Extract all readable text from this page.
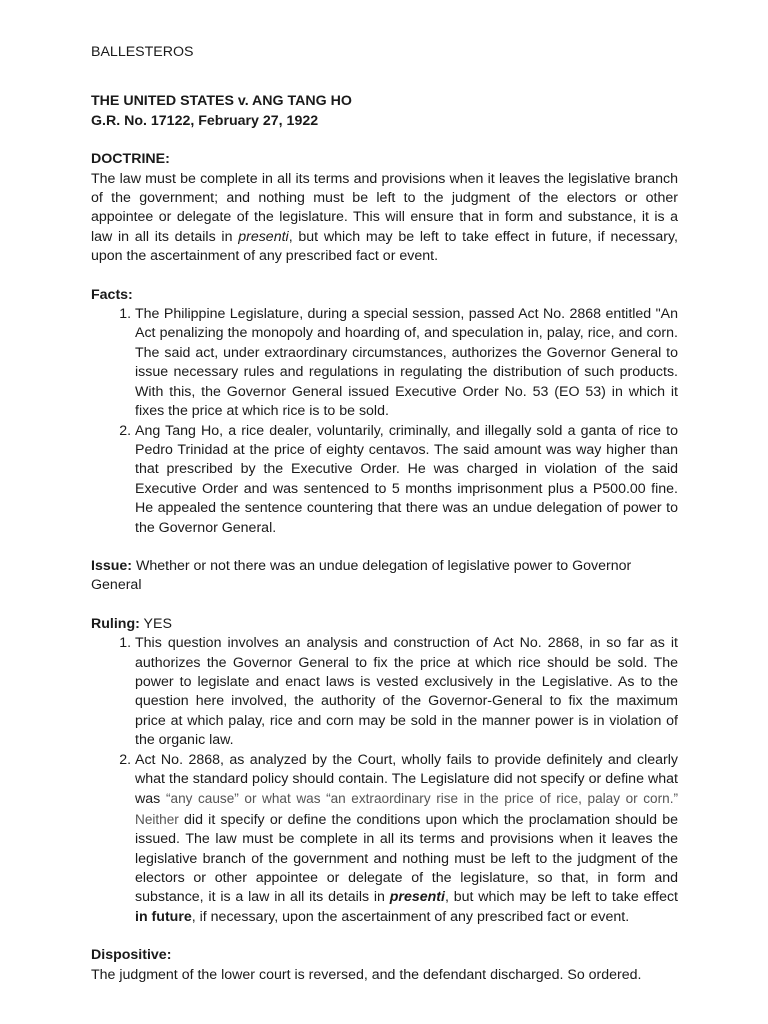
BALLESTEROS

THE UNITED STATES v. ANG TANG HO

G.R. No. 17122, February 27, 1922

DOCTRINE:

The law must be complete in all its terms and provisions when it leaves the legislative branch of the government; and nothing must be left to the judgment of the electors or other appointee or delegate of the legislature. This will ensure that in form and substance, it is a law in all its details in presenti, but which may be left to take effect in future, if necessary, upon the ascertainment of any prescribed fact or event.

Facts:

1. The Philippine Legislature, during a special session, passed Act No. 2868 entitled "An Act penalizing the monopoly and hoarding of, and speculation in, palay, rice, and corn. The said act, under extraordinary circumstances, authorizes the Governor General to issue necessary rules and regulations in regulating the distribution of such products. With this, the Governor General issued Executive Order No. 53 (EO 53) in which it fixes the price at which rice is to be sold.
2. Ang Tang Ho, a rice dealer, voluntarily, criminally, and illegally sold a ganta of rice to Pedro Trinidad at the price of eighty centavos. The said amount was way higher than that prescribed by the Executive Order. He was charged in violation of the said Executive Order and was sentenced to 5 months imprisonment plus a P500.00 fine. He appealed the sentence countering that there was an undue delegation of power to the Governor General.

Issue: Whether or not there was an undue delegation of legislative power to Governor General

Ruling: YES

1. This question involves an analysis and construction of Act No. 2868, in so far as it authorizes the Governor General to fix the price at which rice should be sold. The power to legislate and enact laws is vested exclusively in the Legislative. As to the question here involved, the authority of the Governor-General to fix the maximum price at which palay, rice and corn may be sold in the manner power is in violation of the organic law.
2. Act No. 2868, as analyzed by the Court, wholly fails to provide definitely and clearly what the standard policy should contain. The Legislature did not specify or define what was “any cause” or what was “an extraordinary rise in the price of rice, palay or corn.” Neither did it specify or define the conditions upon which the proclamation should be issued. The law must be complete in all its terms and provisions when it leaves the legislative branch of the government and nothing must be left to the judgment of the electors or other appointee or delegate of the legislature, so that, in form and substance, it is a law in all its details in presenti, but which may be left to take effect in future, if necessary, upon the ascertainment of any prescribed fact or event.

Dispositive:

The judgment of the lower court is reversed, and the defendant discharged. So ordered.
